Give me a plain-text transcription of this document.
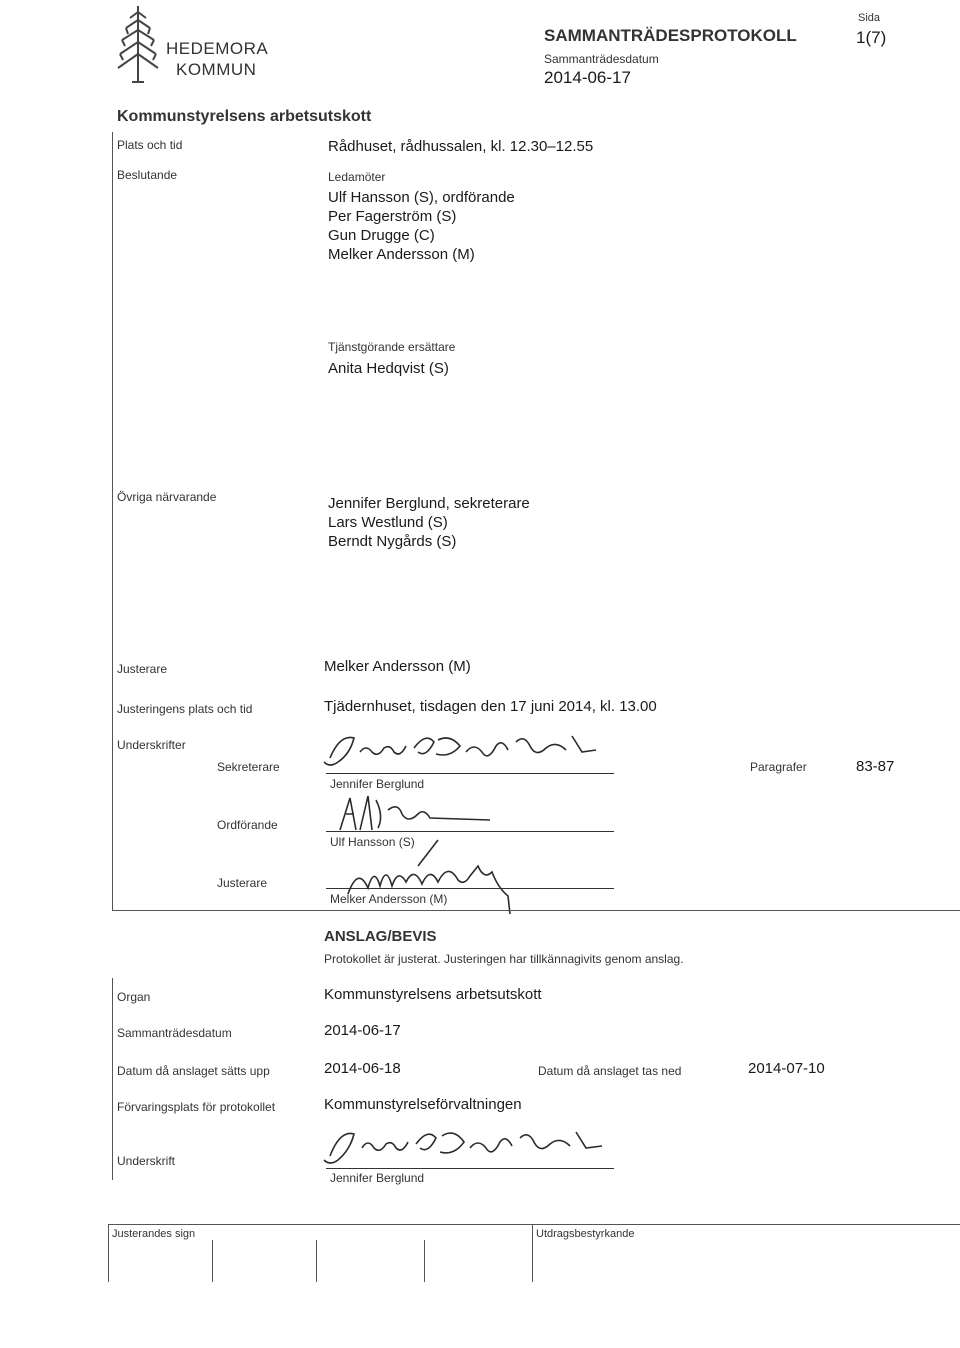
HEDEMORA
KOMMUN
SAMMANTRÄDESPROTOKOLL
Sammanträdesdatum
2014-06-17
Sida
1(7)
Kommunstyrelsens arbetsutskott
Plats och tid	Rådhuset, rådhussalen, kl. 12.30–12.55
Beslutande	Ledamöter
Ulf Hansson (S), ordförande
Per Fagerström (S)
Gun Drugge (C)
Melker Andersson (M)
Tjänstgörande ersättare
Anita Hedqvist (S)
Övriga närvarande	Jennifer Berglund, sekreterare
Lars Westlund (S)
Berndt Nygårds (S)
Justerare	Melker Andersson (M)
Justeringens plats och tid	Tjädernhuset, tisdagen den 17 juni 2014, kl. 13.00
Underskrifter
Sekreterare
Jennifer Berglund
Paragrafer	83-87
Ordförande
Ulf Hansson (S)
Justerare
Melker Andersson (M)
ANSLAG/BEVIS
Protokollet är justerat. Justeringen har tillkännagivits genom anslag.
Organ	Kommunstyrelsens arbetsutskott
Sammanträdesdatum	2014-06-17
Datum då anslaget sätts upp	2014-06-18	Datum då anslaget tas ned	2014-07-10
Förvaringsplats för protokollet	Kommunstyrelseförvaltningen
Underskrift
Jennifer Berglund
Justerandes sign	Utdragsbestyrkande
